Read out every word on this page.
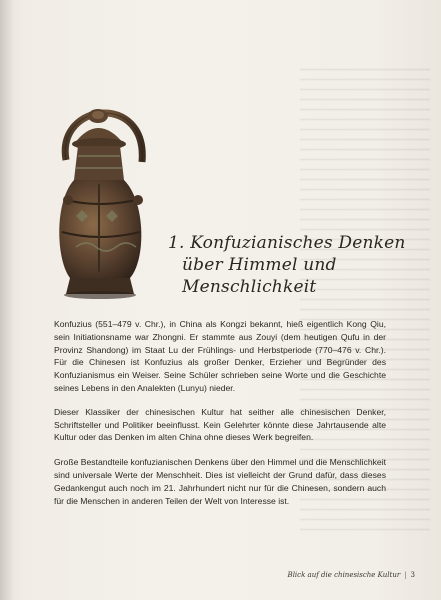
1. Konfuzianisches Denken
über Himmel und
Menschlichkeit

Konfuzius (551–479 v. Chr.), in China als Kongzi bekannt, hieß eigentlich Kong Qiu, sein Initiationsname war Zhongni. Er stammte aus Zouyi (dem heutigen Qufu in der Provinz Shandong) im Staat Lu der Frühlings- und Herbstperiode (770–476 v. Chr.). Für die Chinesen ist Konfuzius als großer Denker, Erzieher und Begründer des Konfuzianismus ein Weiser. Seine Schüler schrieben seine Worte und die Geschichte seines Lebens in den Analekten (Lunyu) nieder.

Dieser Klassiker der chinesischen Kultur hat seither alle chinesischen Denker, Schriftsteller und Politiker beeinflusst. Kein Gelehrter könnte diese Jahrtausende alte Kultur oder das Denken im alten China ohne dieses Werk begreifen.

Große Bestandteile konfuzianischen Denkens über den Himmel und die Menschlichkeit sind universale Werte der Menschheit. Dies ist vielleicht der Grund dafür, dass dieses Gedankengut auch noch im 21. Jahrhundert nicht nur für die Chinesen, sondern auch für die Menschen in anderen Teilen der Welt von Interesse ist.

Blick auf die chinesische Kultur | 3
